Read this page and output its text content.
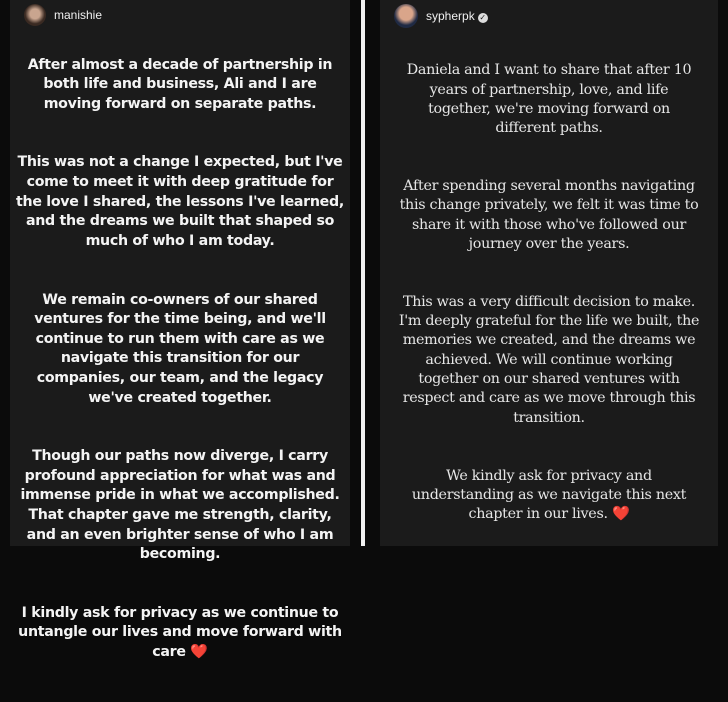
manishie

After almost a decade of partnership in both life and business, Ali and I are moving forward on separate paths.

This was not a change I expected, but I've come to meet it with deep gratitude for the love I shared, the lessons I've learned, and the dreams we built that shaped so much of who I am today.

We remain co-owners of our shared ventures for the time being, and we'll continue to run them with care as we navigate this transition for our companies, our team, and the legacy we've created together.

Though our paths now diverge, I carry profound appreciation for what was and immense pride in what we accomplished. That chapter gave me strength, clarity, and an even brighter sense of who I am becoming.

I kindly ask for privacy as we continue to untangle our lives and move forward with care ❤️

sypherpk ✓

Daniela and I want to share that after 10 years of partnership, love, and life together, we're moving forward on different paths.

After spending several months navigating this change privately, we felt it was time to share it with those who've followed our journey over the years.

This was a very difficult decision to make. I'm deeply grateful for the life we built, the memories we created, and the dreams we achieved. We will continue working together on our shared ventures with respect and care as we move through this transition.

We kindly ask for privacy and understanding as we navigate this next chapter in our lives. ❤️
